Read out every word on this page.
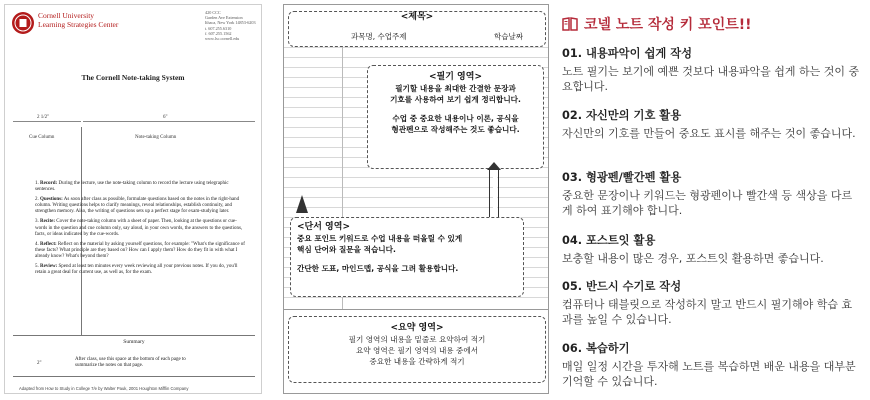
Cornell University
Learning Strategies Center
420 CCC
Garden Ave Extension
Ithaca, New York 14853-6203
t. 607.255.6310
f. 607.255.1562
www.lsc.cornell.edu
The Cornell Note-taking System
2 1/2"	6"
Cue Column	Note-taking Column

1. Record: During the lecture, use the note-taking column to record the lecture using telegraphic sentences.

2. Questions: As soon after class as possible, formulate questions based on the notes in the right-hand column. Writing questions helps to clarify meanings, reveal relationships, establish continuity, and strengthen memory. Also, the writing of questions sets up a perfect stage for exam-studying later.

3. Recite: Cover the note-taking column with a sheet of paper. Then, looking at the questions or cue-words in the question and cue column only, say aloud, in your own words, the answers to the questions, facts, or ideas indicated by the cue-words.

4. Reflect: Reflect on the material by asking yourself questions, for example: "What's the significance of these facts? What principle are they based on? How can I apply them? How do they fit in with what I already know? What's beyond them?

5. Review: Spend at least ten minutes every week reviewing all your previous notes. If you do, you'll retain a great deal for current use, as well as, for the exam.

Summary
2"
After class, use this space at the bottom of each page to summarize the notes on that page.
Adapted from How to Study in College 7/e by Walter Pauk, 2001 Houghton Mifflin Company
<제목>
과목명, 수업주제	학습날짜
<필기 영역>
필기할 내용을 최대한 간결한 문장과
기호를 사용하여 보기 쉽게 정리합니다.
수업 중 중요한 내용이나 이론, 공식을
형관펜으로 작성해주는 것도 좋습니다.
<단서 영역>
중요 포인트 키워드로 수업 내용을 떠올릴 수 있게
핵심 단어와 질문을 적습니다.
간단한 도표, 마인드맵, 공식을 그려 활용합니다.
<요약 영역>
필기 영역의 내용을 밑줄로 요약하여 적기
요약 영역은 필기 영역의 내용 중에서
중요한 내용을 간략하게 적기
코넬 노트 작성 키 포인트!!
01. 내용파악이 쉽게 작성
노트 필기는 보기에 예쁜 것보다 내용파악을 쉽게 하는 것이 중요합니다.
02. 자신만의 기호 활용
자신만의 기호를 만들어 중요도 표시를 해주는 것이 좋습니다.
03. 형광펜/빨간펜 활용
중요한 문장이나 키워드는 형광펜이나 빨간색 등 색상을 다르게 하여 표기해야 합니다.
04. 포스트잇 활용
보충할 내용이 많은 경우, 포스트잇 활용하면 좋습니다.
05. 반드시 수기로 작성
컴퓨터나 태블릿으로 작성하지 말고 반드시 필기해야 학습 효과를 높일 수 있습니다.
06. 복습하기
매일 일정 시간을 투자해 노트를 복습하면 배운 내용을 대부분 기억할 수 있습니다.
